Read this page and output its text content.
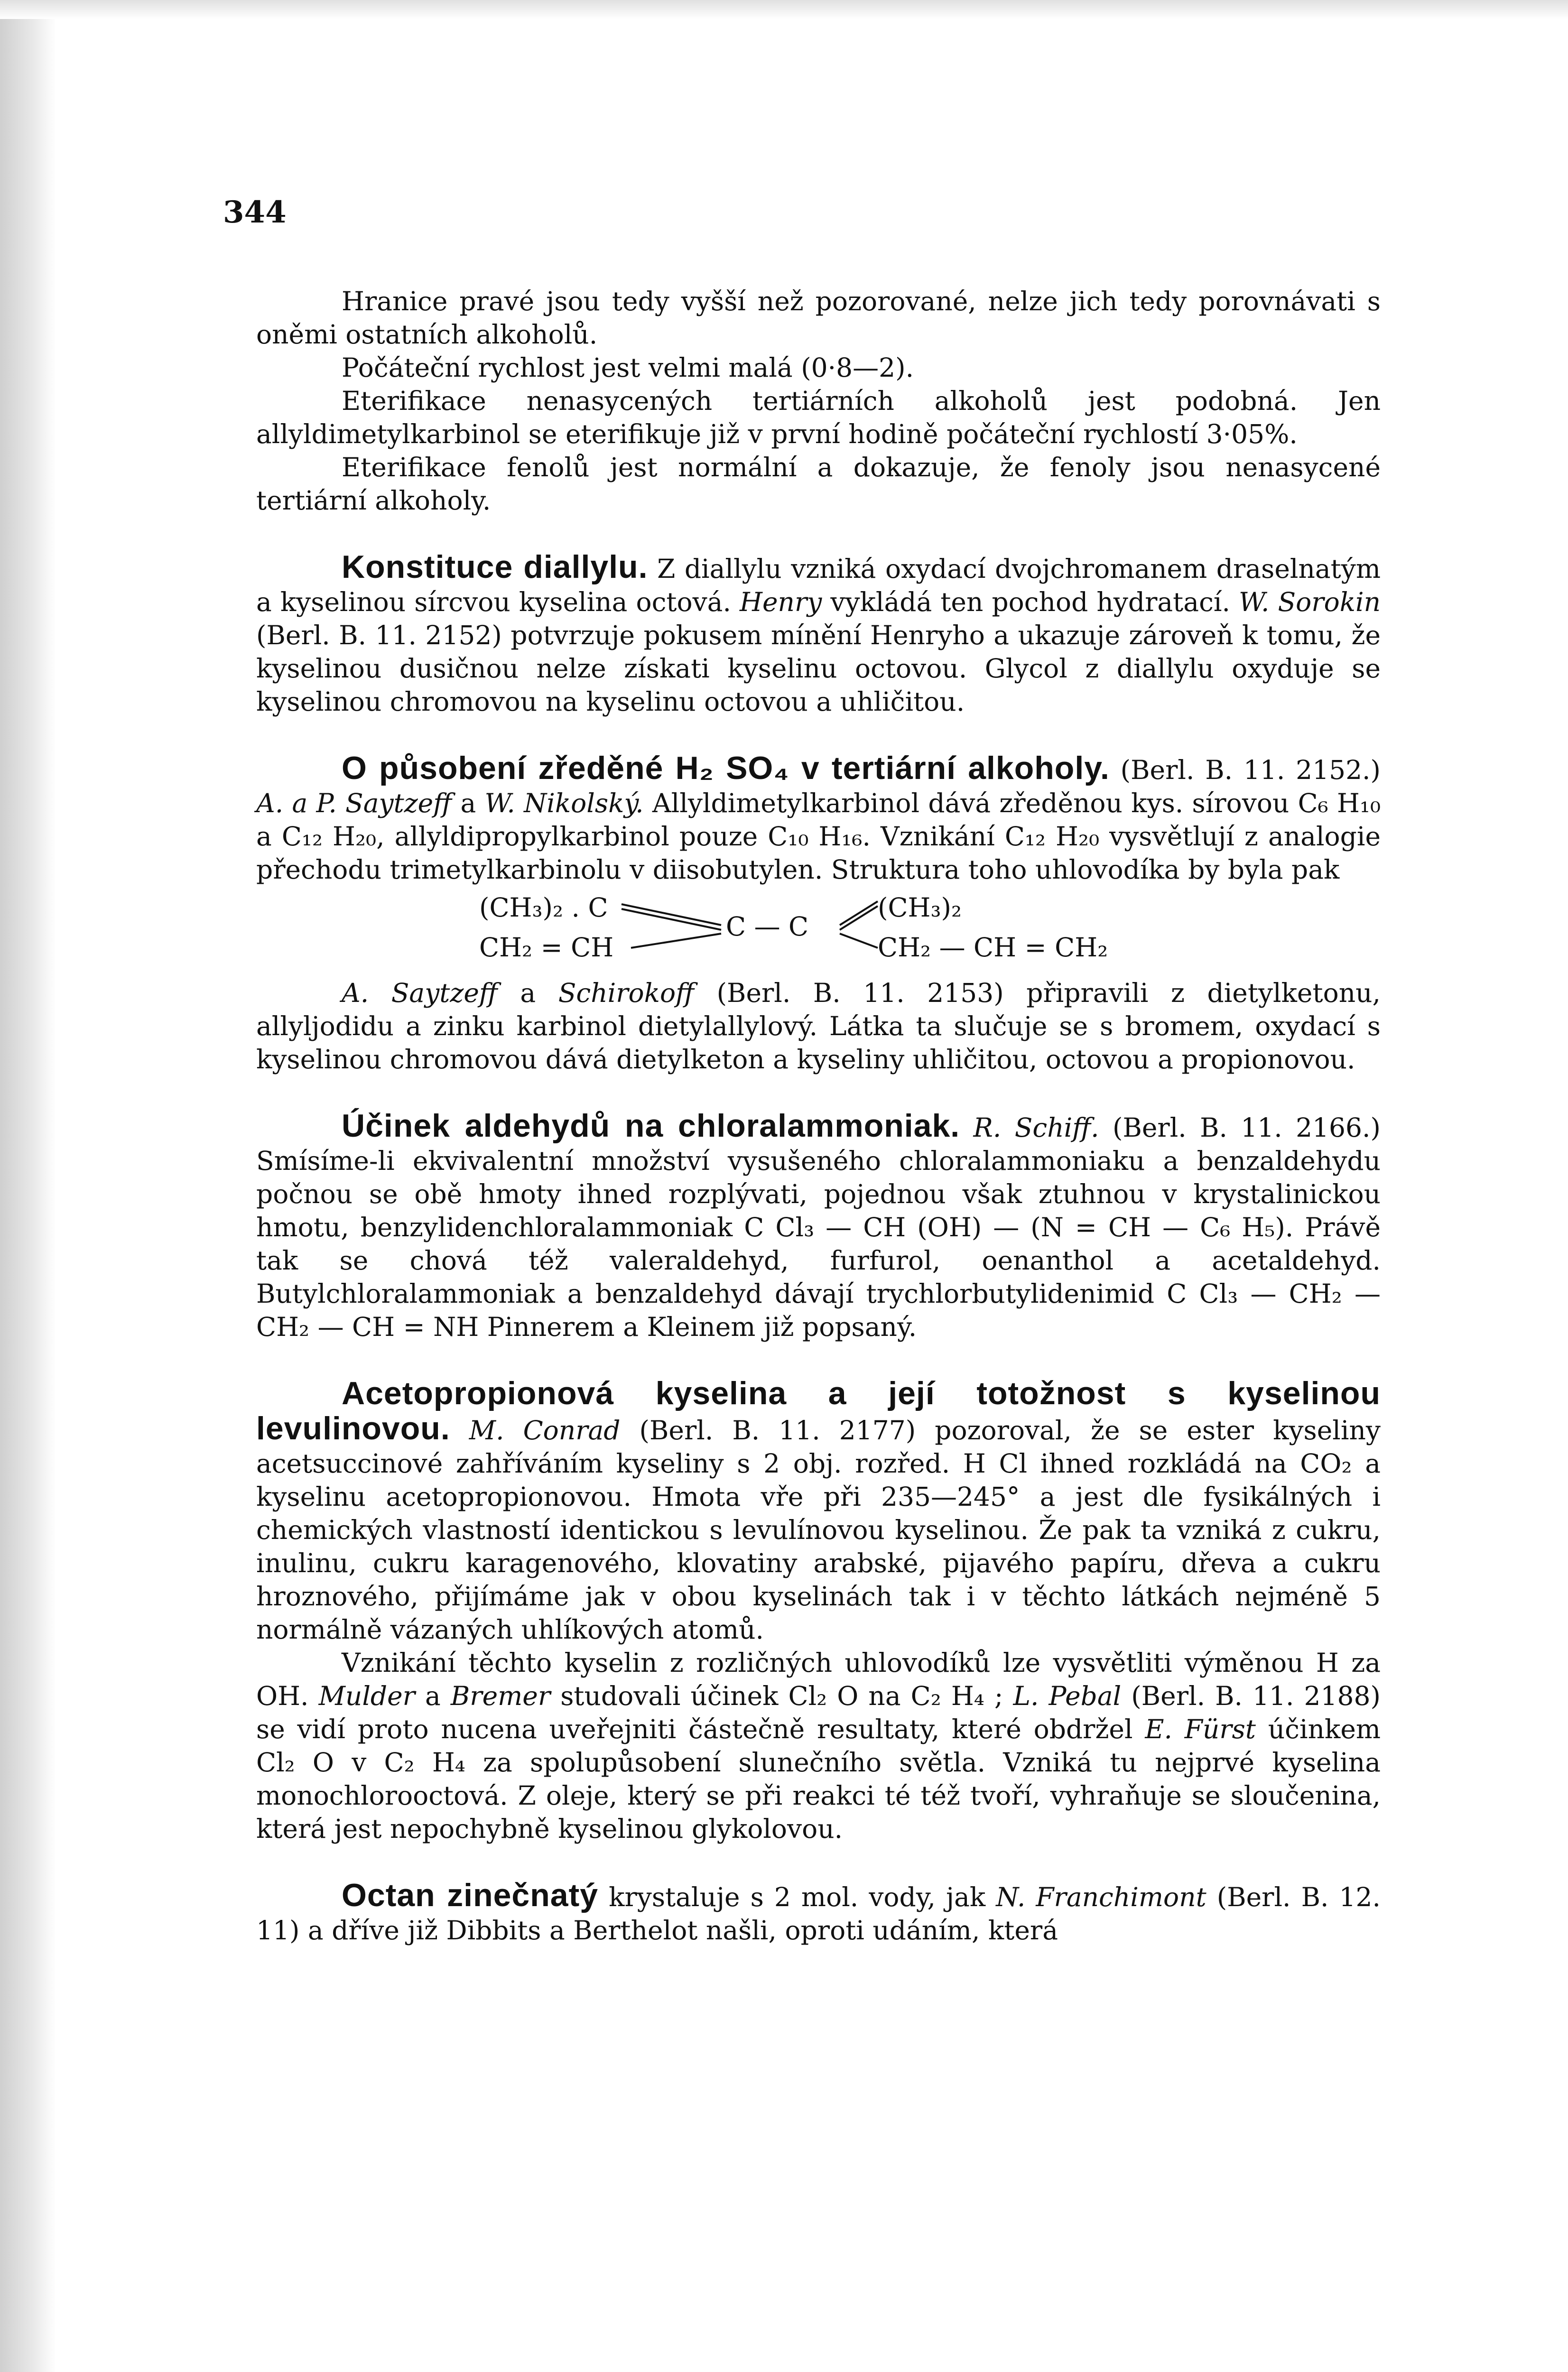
344

Hranice pravé jsou tedy vyšší než pozorované, nelze jich tedy porovnávati s oněmi ostatních alkoholů.

Počáteční rychlost jest velmi malá (0·8—2).

Eterifikace nenasycených tertiárních alkoholů jest podobná. Jen allyldimetylkarbinol se eterifikuje již v první hodině počáteční rychlostí 3·05%.

Eterifikace fenolů jest normální a dokazuje, že fenoly jsou nenasycené tertiární alkoholy.

Konstituce diallylu. Z diallylu vzniká oxydací dvojchromanem draselnatým a kyselinou sírcvou kyselina octová. Henry vykládá ten pochod hydratací. W. Sorokin (Berl. B. 11. 2152) potvrzuje pokusem mínění Henryho a ukazuje zároveň k tomu, že kyselinou dusičnou nelze získati kyselinu octovou. Glycol z diallylu oxyduje se kyselinou chromovou na kyselinu octovou a uhličitou.

O působení zředěné H₂ SO₄ v tertiární alkoholy. (Berl. B. 11. 2152.) A. a P. Saytzeff a W. Nikolský. Allyldimetylkarbinol dává zředěnou kys. sírovou C₆ H₁₀ a C₁₂ H₂₀, allyldipropylkarbinol pouze C₁₀ H₁₆. Vznikání C₁₂ H₂₀ vysvětlují z analogie přechodu trimetylkarbinolu v diisobutylen. Struktura toho uhlovodíka by byla pak

(CH₃)₂ . C
CH₂ = CH
C — C
(CH₃)₂
CH₂ — CH = CH₂

A. Saytzeff a Schirokoff (Berl. B. 11. 2153) připravili z dietylketonu, allyljodidu a zinku karbinol dietylallylový. Látka ta slučuje se s bromem, oxydací s kyselinou chromovou dává dietylketon a kyseliny uhličitou, octovou a propionovou.

Účinek aldehydů na chloralammoniak. R. Schiff. (Berl. B. 11. 2166.) Smísíme-li ekvivalentní množství vysušeného chloralammoniaku a benzaldehydu počnou se obě hmoty ihned rozplývati, pojednou však ztuhnou v krystalinickou hmotu, benzylidenchloralammoniak C Cl₃ — CH (OH) — (N = CH — C₆ H₅). Právě tak se chová též valeraldehyd, furfurol, oenanthol a acetaldehyd. Butylchloralammoniak a benzaldehyd dávají trychlorbutylidenimid C Cl₃ — CH₂ — CH₂ — CH = NH Pinnerem a Kleinem již popsaný.

Acetopropionová kyselina a její totožnost s kyselinou levulinovou. M. Conrad (Berl. B. 11. 2177) pozoroval, že se ester kyseliny acetsuccinové zahříváním kyseliny s 2 obj. rozřed. H Cl ihned rozkládá na CO₂ a kyselinu acetopropionovou. Hmota vře při 235—245° a jest dle fysikálných i chemických vlastností identickou s levulínovou kyselinou. Že pak ta vzniká z cukru, inulinu, cukru karagenového, klovatiny arabské, pijavého papíru, dřeva a cukru hroznového, přijímáme jak v obou kyselinách tak i v těchto látkách nejméně 5 normálně vázaných uhlíkových atomů.

Vznikání těchto kyselin z rozličných uhlovodíků lze vysvětliti výměnou H za OH. Mulder a Bremer studovali účinek Cl₂ O na C₂ H₄ ; L. Pebal (Berl. B. 11. 2188) se vidí proto nucena uveřejniti částečně resultaty, které obdržel E. Fürst účinkem Cl₂ O v C₂ H₄ za spolupůsobení slunečního světla. Vzniká tu nejprvé kyselina monochlorooctová. Z oleje, který se při reakci té též tvoří, vyhraňuje se sloučenina, která jest nepochybně kyselinou glykolovou.

Octan zinečnatý krystaluje s 2 mol. vody, jak N. Franchimont (Berl. B. 12. 11) a dříve již Dibbits a Berthelot našli, oproti udáním, která
